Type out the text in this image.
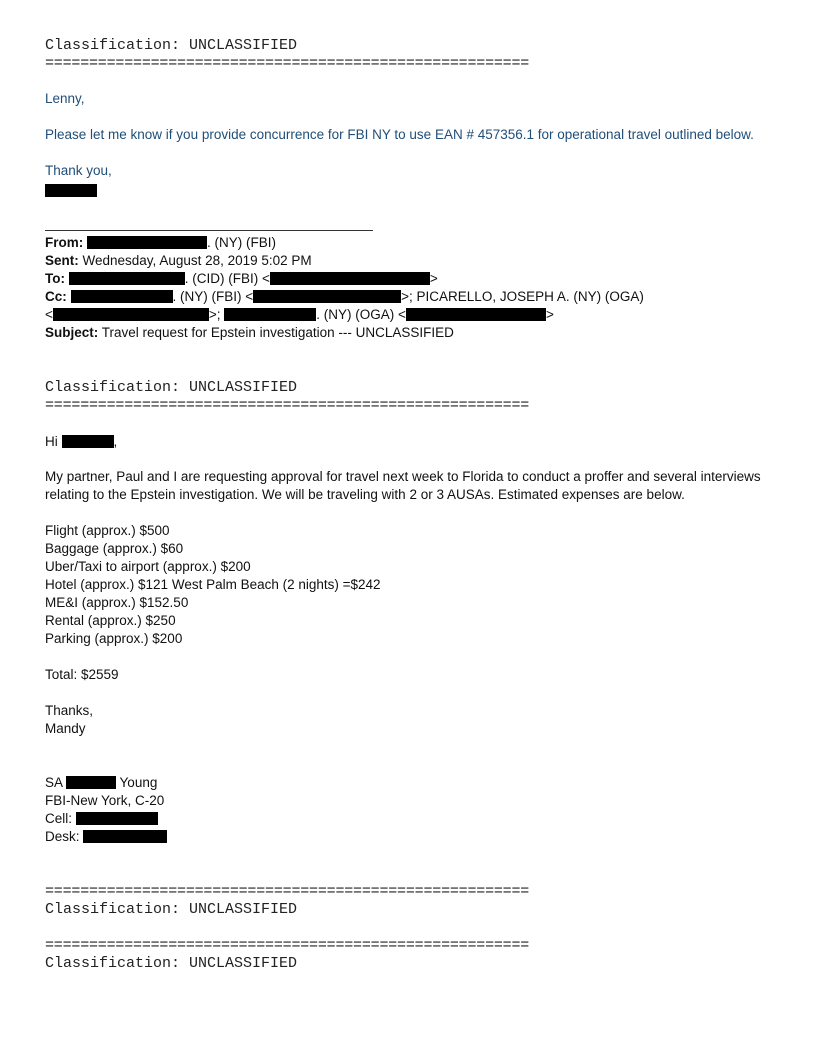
Classification: UNCLASSIFIED
=======================================================
Lenny,
Please let me know if you provide concurrence for FBI NY to use EAN # 457356.1 for operational travel outlined below.
Thank you,
From:	. (NY) (FBI)
Sent: Wednesday, August 28, 2019 5:02 PM
To:	. (CID) (FBI) <	>
Cc:	. (NY) (FBI) <	>; PICARELLO, JOSEPH A. (NY) (OGA)
<	>;	. (NY) (OGA) <	>
Subject: Travel request for Epstein investigation --- UNCLASSIFIED
Classification: UNCLASSIFIED
=======================================================
Hi	,
My partner, Paul and I are requesting approval for travel next week to Florida to conduct a proffer and several interviews
relating to the Epstein investigation. We will be traveling with 2 or 3 AUSAs. Estimated expenses are below.
Flight (approx.) $500
Baggage (approx.) $60
Uber/Taxi to airport (approx.) $200
Hotel (approx.) $121 West Palm Beach (2 nights) =$242
ME&I (approx.) $152.50
Rental (approx.) $250
Parking (approx.) $200
Total: $2559
Thanks,
Mandy
SA	Young
FBI-New York, C-20
Cell:
Desk:
=======================================================
Classification: UNCLASSIFIED
=======================================================
Classification: UNCLASSIFIED
